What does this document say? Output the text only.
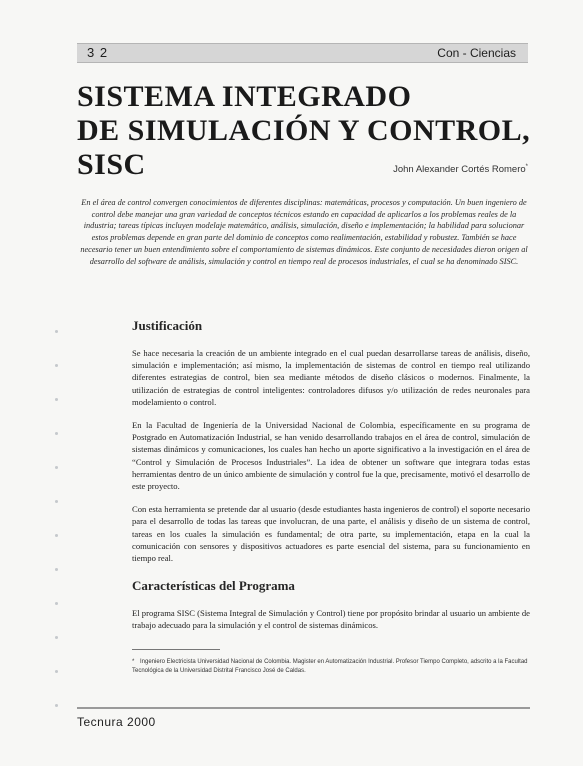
3 2	Con - Ciencias
SISTEMA INTEGRADO
DE SIMULACIÓN Y CONTROL, SISC	John Alexander Cortés Romero*
En el área de control convergen conocimientos de diferentes disciplinas: matemáticas, procesos y computación. Un buen ingeniero de control debe manejar una gran variedad de conceptos técnicos estando en capacidad de aplicarlos a los problemas reales de la industria; tareas típicas incluyen modelaje matemático, análisis, simulación, diseño e implementación; la habilidad para solucionar estos problemas depende en gran parte del dominio de conceptos como realimentación, estabilidad y robustez. También se hace necesario tener un buen entendimiento sobre el comportamiento de sistemas dinámicos. Este conjunto de necesidades dieron origen al desarrollo del software de análisis, simulación y control en tiempo real de procesos industriales, el cual se ha denominado SISC.
Justificación

Se hace necesaria la creación de un ambiente integrado en el cual puedan desarrollarse tareas de análisis, diseño, simulación e implementación; así mismo, la implementación de sistemas de control en tiempo real utilizando diferentes estrategias de control, bien sea mediante métodos de diseño clásicos o modernos. Finalmente, la utilización de estrategias de control inteligentes: controladores difusos y/o utilización de redes neuronales para modelamiento o control.

En la Facultad de Ingeniería de la Universidad Nacional de Colombia, específicamente en su programa de Postgrado en Automatización Industrial, se han venido desarrollando trabajos en el área de control, simulación de sistemas dinámicos y comunicaciones, los cuales han hecho un aporte significativo a la investigación en el área de “Control y Simulación de Procesos Industriales”. La idea de obtener un software que integrara todas estas herramientas dentro de un único ambiente de simulación y control fue la que, precisamente, motivó el desarrollo de este proyecto.

Con esta herramienta se pretende dar al usuario (desde estudiantes hasta ingenieros de control) el soporte necesario para el desarrollo de todas las tareas que involucran, de una parte, el análisis y diseño de un sistema de control, tareas en los cuales la simulación es fundamental; de otra parte, su implementación, etapa en la cual la comunicación con sensores y dispositivos actuadores es parte esencial del sistema, para su funcionamiento en tiempo real.

Características del Programa

El programa SISC (Sistema Integral de Simulación y Control) tiene por propósito brindar al usuario un ambiente de trabajo adecuado para la simulación y el control de sistemas dinámicos.

* Ingeniero Electricista Universidad Nacional de Colombia. Magister en Automatización Industrial. Profesor Tiempo Completo, adscrito a la Facultad Tecnológica de la Universidad Distrital Francisco José de Caldas.
Tecnura 2000
